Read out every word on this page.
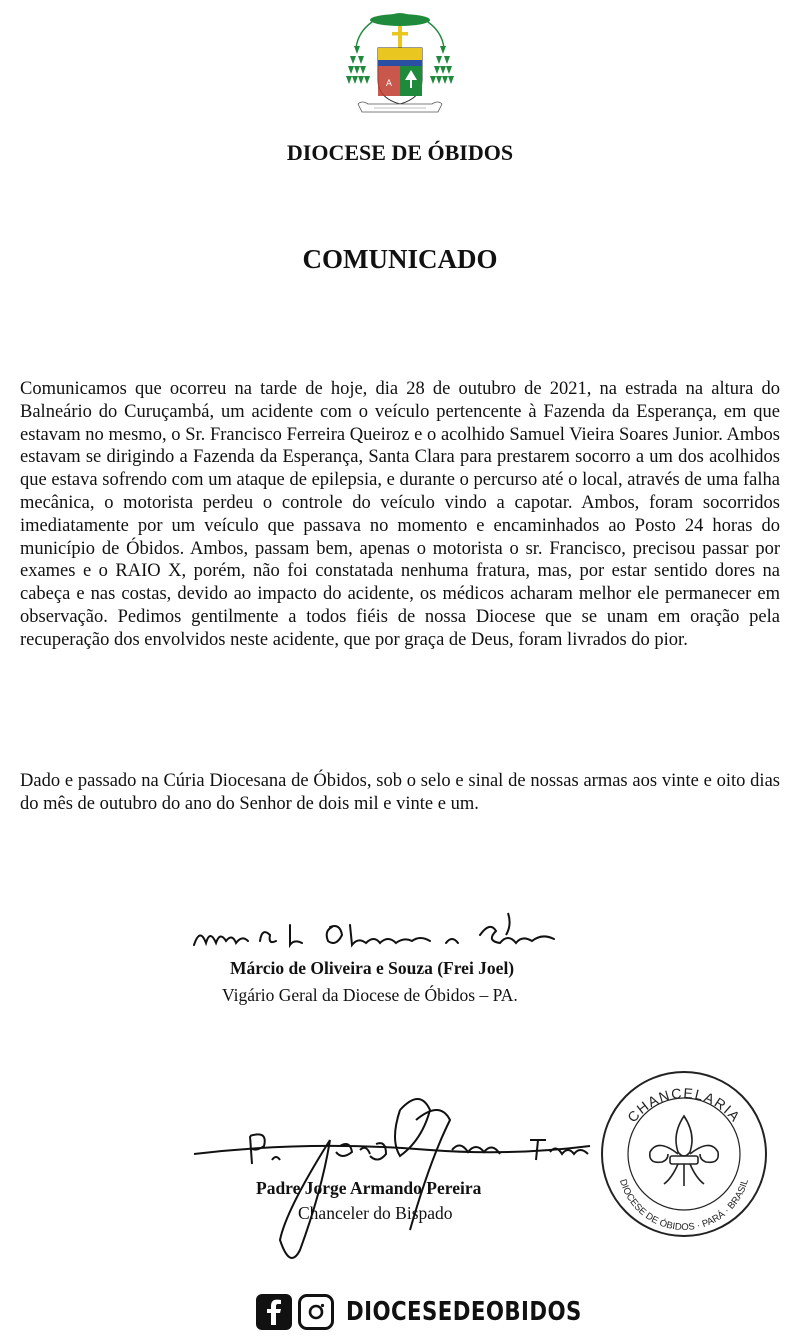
A
DIOCESE DE ÓBIDOS
COMUNICADO

Comunicamos que ocorreu na tarde de hoje, dia 28 de outubro de 2021, na estrada na altura do Balneário do Curuçambá, um acidente com o veículo pertencente à Fazenda da Esperança, em que estavam no mesmo, o Sr. Francisco Ferreira Queiroz e o acolhido Samuel Vieira Soares Junior. Ambos estavam se dirigindo a Fazenda da Esperança, Santa Clara para prestarem socorro a um dos acolhidos que estava sofrendo com um ataque de epilepsia, e durante o percurso até o local, através de uma falha mecânica, o motorista perdeu o controle do veículo vindo a capotar. Ambos, foram socorridos imediatamente por um veículo que passava no momento e encaminhados ao Posto 24 horas do município de Óbidos. Ambos, passam bem, apenas o motorista o sr. Francisco, precisou passar por exames e o RAIO X, porém, não foi constatada nenhuma fratura, mas, por estar sentido dores na cabeça e nas costas, devido ao impacto do acidente, os médicos acharam melhor ele permanecer em observação. Pedimos gentilmente a todos fiéis de nossa Diocese que se unam em oração pela recuperação dos envolvidos neste acidente, que por graça de Deus, foram livrados do pior.

Dado e passado na Cúria Diocesana de Óbidos, sob o selo e sinal de nossas armas aos vinte e oito dias do mês de outubro do ano do Senhor de dois mil e vinte e um.

Márcio de Oliveira e Souza (Frei Joel)
Vigário Geral da Diocese de Óbidos – PA.
Padre Jorge Armando Pereira
Chanceler do Bispado
CHANCELARIA
DIOCESE DE ÓBIDOS · PARÁ · BRASIL
DIOCESEDEOBIDOS
